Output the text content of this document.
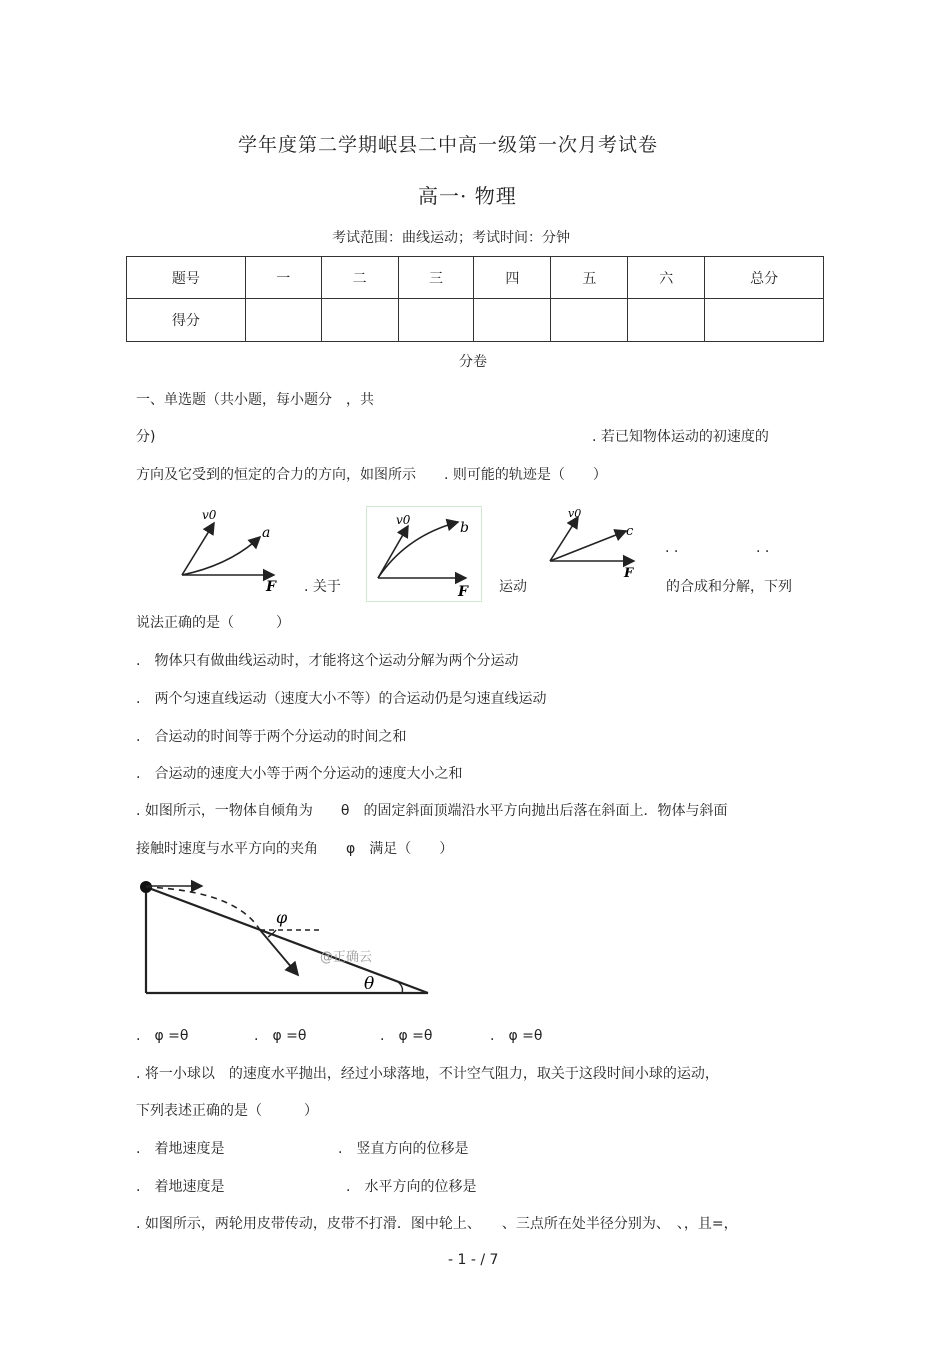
学年度第二学期岷县二中高一级第一次月考试卷
高一· 物理
考试范围：曲线运动；考试时间：分钟
题号	一	二	三	四	五	六	总分
得分							
分卷
一、单选题（共小题，每小题分　，共
分)	. 若已知物体运动的初速度的
方向及它受到的恒定的合力的方向，如图所示　　. 则可能的轨迹是（　　）
v0
a
F . 关于
v0	b
F 运动
v0
c
F
. .	. .
的合成和分解，下列
说法正确的是（　　　）
.　物体只有做曲线运动时，才能将这个运动分解为两个分运动
.　两个匀速直线运动（速度大小不等）的合运动仍是匀速直线运动
.　合运动的时间等于两个分运动的时间之和
.　合运动的速度大小等于两个分运动的速度大小之和
. 如图所示，一物体自倾角为　　θ　的固定斜面顶端沿水平方向抛出后落在斜面上．物体与斜面
接触时速度与水平方向的夹角　　φ　满足（　　）
φ
@正确云
θ
.　φ =θ	.　φ =θ	.　φ =θ	.　φ =θ
. 将一小球以　的速度水平抛出，经过小球落地，不计空气阻力，取关于这段时间小球的运动，
下列表述正确的是（　　　）
.　着地速度是	.　竖直方向的位移是
.　着地速度是	.　水平方向的位移是
. 如图所示，两轮用皮带传动，皮带不打滑．图中轮上、　　、三点所在处半径分别为、　、，且=，
- 1 - / 7
